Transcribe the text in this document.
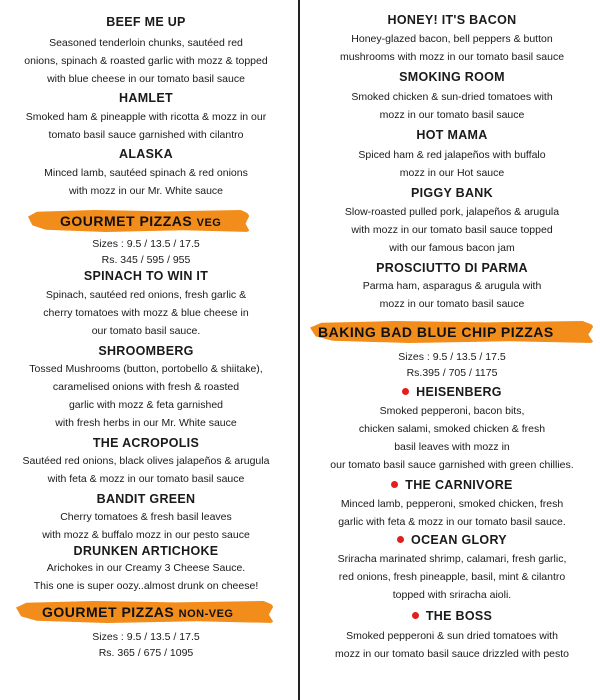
BEEF ME UP

Seasoned tenderloin chunks, sautéed red
onions, spinach & roasted garlic with mozz & topped
with blue cheese in our tomato basil sauce

HAMLET

Smoked ham & pineapple with ricotta & mozz in our
tomato basil sauce garnished with cilantro

ALASKA

Minced lamb, sautéed spinach & red onions
with mozz in our Mr. White sauce

GOURMET PIZZAS VEG

Sizes : 9.5 / 13.5 / 17.5

Rs. 345 / 595 / 955

SPINACH TO WIN IT

Spinach, sautéed red onions, fresh garlic &
cherry tomatoes with mozz & blue cheese in
our tomato basil sauce.

SHROOMBERG

Tossed Mushrooms (button, portobello & shiitake),
caramelised onions with fresh & roasted
garlic with mozz & feta garnished
with fresh herbs in our Mr. White sauce

THE ACROPOLIS

Sautéed red onions, black olives jalapeños & arugula
with feta & mozz in our tomato basil sauce

BANDIT GREEN

Cherry tomatoes & fresh basil leaves
with mozz & buffalo mozz in our pesto sauce

DRUNKEN ARTICHOKE

Arichokes in our Creamy 3 Cheese Sauce.
This one is super oozy..almost drunk on cheese!

GOURMET PIZZAS NON-VEG

Sizes : 9.5 / 13.5 / 17.5

Rs. 365 / 675 / 1095

HONEY! IT'S BACON

Honey-glazed bacon, bell peppers & button
mushrooms with mozz in our tomato basil sauce

SMOKING ROOM

Smoked chicken & sun-dried tomatoes with
mozz in our tomato basil sauce

HOT MAMA

Spiced ham & red jalapeños with buffalo
mozz in our Hot sauce

PIGGY BANK

Slow-roasted pulled pork, jalapeños & arugula
with mozz in our tomato basil sauce topped
with our famous bacon jam

PROSCIUTTO DI PARMA

Parma ham, asparagus & arugula with
mozz in our tomato basil sauce

BAKING BAD BLUE CHIP PIZZAS

Sizes : 9.5 / 13.5 / 17.5

Rs.395 / 705 / 1175

HEISENBERG

Smoked pepperoni, bacon bits,
chicken salami, smoked chicken & fresh
basil leaves with mozz in
our tomato basil sauce garnished with green chillies.

THE CARNIVORE

Minced lamb, pepperoni, smoked chicken, fresh
garlic with feta & mozz in our tomato basil sauce.

OCEAN GLORY

Sriracha marinated shrimp, calamari, fresh garlic,
red onions, fresh pineapple, basil, mint & cilantro
topped with sriracha aioli.

THE BOSS

Smoked pepperoni & sun dried tomatoes with
mozz in our tomato basil sauce drizzled with pesto
